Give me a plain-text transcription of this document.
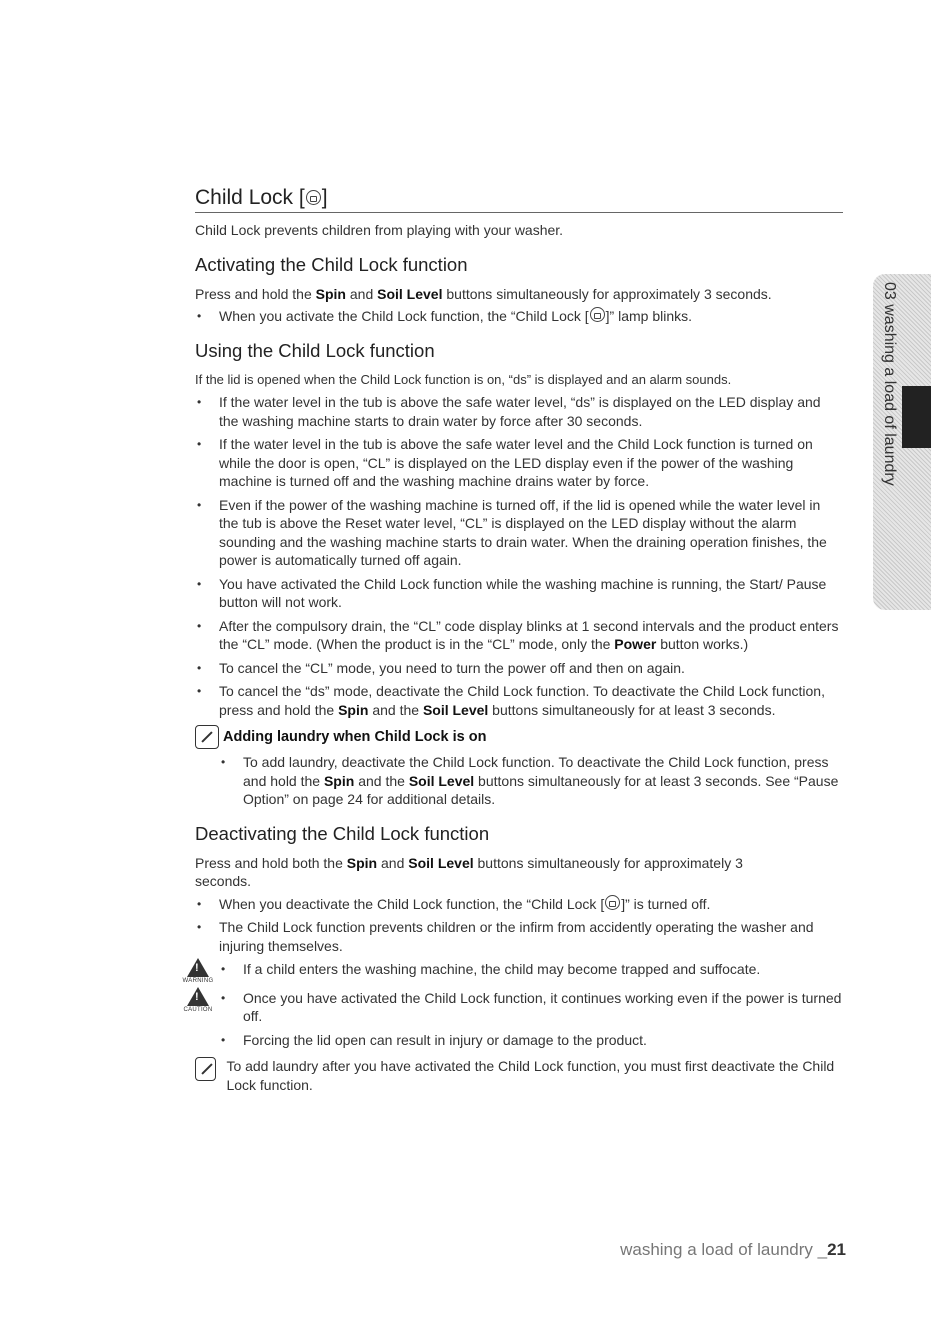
03 washing a load of laundry
Child Lock [ ]

Child Lock prevents children from playing with your washer.

Activating the Child Lock function

Press and hold the Spin and Soil Level buttons simultaneously for approximately 3 seconds.

• When you activate the Child Lock function, the “Child Lock [ ]” lamp blinks.
Using the Child Lock function

If the lid is opened when the Child Lock function is on, “ds” is displayed and an alarm sounds.

• If the water level in the tub is above the safe water level, “ds” is displayed on the LED display and the washing machine starts to drain water by force after 30 seconds.
• If the water level in the tub is above the safe water level and the Child Lock function is turned on while the door is open, “CL” is displayed on the LED display even if the power of the washing machine is turned off and the washing machine drains water by force.
• Even if the power of the washing machine is turned off, if the lid is opened while the water level in the tub is above the Reset water level, “CL” is displayed on the LED display without the alarm sounding and the washing machine starts to drain water. When the draining operation finishes, the power is automatically turned off again.
• You have activated the Child Lock function while the washing machine is running, the Start/ Pause button will not work.
• After the compulsory drain, the “CL” code display blinks at 1 second intervals and the product enters the “CL” mode. (When the product is in the “CL” mode, only the Power button works.)
• To cancel the “CL” mode, you need to turn the power off and then on again.
• To cancel the “ds” mode, deactivate the Child Lock function. To deactivate the Child Lock function, press and hold the Spin and the Soil Level buttons simultaneously for at least 3 seconds.
Adding laundry when Child Lock is on
• To add laundry, deactivate the Child Lock function. To deactivate the Child Lock function, press and hold the Spin and the Soil Level buttons simultaneously for at least 3 seconds. See “Pause Option” on page 24 for additional details.
Deactivating the Child Lock function

Press and hold both the Spin and Soil Level buttons simultaneously for approximately 3 seconds.

• When you deactivate the Child Lock function, the “Child Lock [ ]” is turned off.
• The Child Lock function prevents children or the infirm from accidently operating the washer and injuring themselves.
!
WARNING
• If a child enters the washing machine, the child may become trapped and suffocate.
!
CAUTION
• Once you have activated the Child Lock function, it continues working even if the power is turned off.
• Forcing the lid open can result in injury or damage to the product.

To add laundry after you have activated the Child Lock function, you must first deactivate the Child Lock function.

washing a load of laundry _21
